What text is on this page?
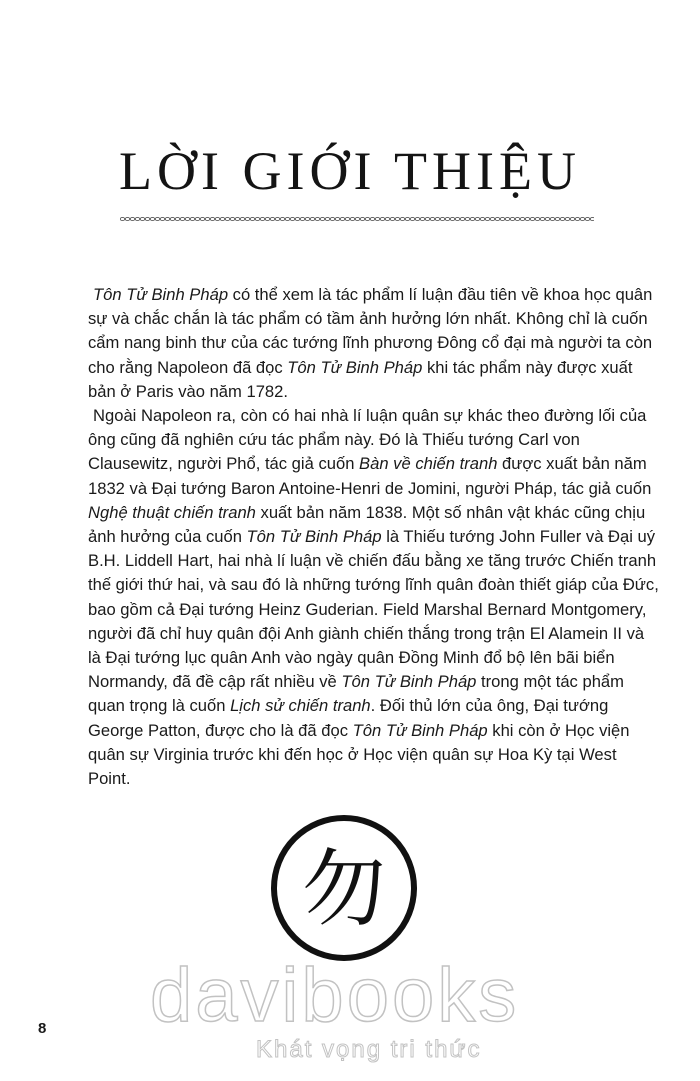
LỜI GIỚI THIỆU

Tôn Tử Binh Pháp có thể xem là tác phẩm lí luận đầu tiên về khoa học quân sự và chắc chắn là tác phẩm có tầm ảnh hưởng lớn nhất. Không chỉ là cuốn cẩm nang binh thư của các tướng lĩnh phương Đông cổ đại mà người ta còn cho rằng Napoleon đã đọc Tôn Tử Binh Pháp khi tác phẩm này được xuất bản ở Paris vào năm 1782.

Ngoài Napoleon ra, còn có hai nhà lí luận quân sự khác theo đường lối của ông cũng đã nghiên cứu tác phẩm này. Đó là Thiếu tướng Carl von Clausewitz, người Phổ, tác giả cuốn Bàn về chiến tranh được xuất bản năm 1832 và Đại tướng Baron Antoine-Henri de Jomini, người Pháp, tác giả cuốn Nghệ thuật chiến tranh xuất bản năm 1838. Một số nhân vật khác cũng chịu ảnh hưởng của cuốn Tôn Tử Binh Pháp là Thiếu tướng John Fuller và Đại uý B.H. Liddell Hart, hai nhà lí luận về chiến đấu bằng xe tăng trước Chiến tranh thế giới thứ hai, và sau đó là những tướng lĩnh quân đoàn thiết giáp của Đức, bao gồm cả Đại tướng Heinz Guderian. Field Marshal Bernard Montgomery, người đã chỉ huy quân đội Anh giành chiến thắng trong trận El Alamein II và là Đại tướng lục quân Anh vào ngày quân Đồng Minh đổ bộ lên bãi biển Normandy, đã đề cập rất nhiều về Tôn Tử Binh Pháp trong một tác phẩm quan trọng là cuốn Lịch sử chiến tranh. Đối thủ lớn của ông, Đại tướng George Patton, được cho là đã đọc Tôn Tử Binh Pháp khi còn ở Học viện quân sự Virginia trước khi đến học ở Học viện quân sự Hoa Kỳ tại West Point.

勿
davibooks
Khát vọng tri thức
8
